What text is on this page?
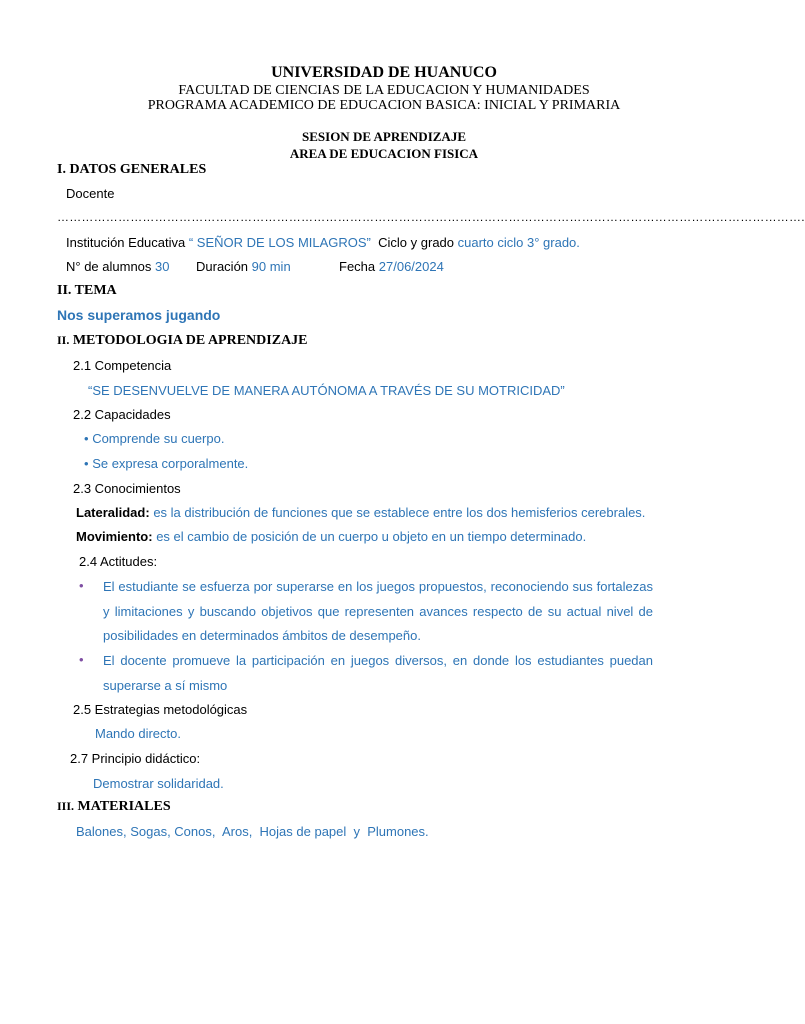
UNIVERSIDAD DE HUANUCO
FACULTAD DE CIENCIAS DE LA EDUCACION Y HUMANIDADES
PROGRAMA ACADEMICO DE EDUCACION BASICA: INICIAL Y PRIMARIA
SESION DE APRENDIZAJE
AREA DE EDUCACION FISICA
I. DATOS GENERALES
Docente
………………………………………………………………………………………………………………………………………………………………….
Institución Educativa “ SEÑOR DE LOS MILAGROS” Ciclo y grado cuarto ciclo 3° grado.
N° de alumnos 30 Duración 90 min	Fecha 27/06/2024
II. TEMA
Nos superamos jugando
II. METODOLOGIA DE APRENDIZAJE
2.1 Competencia
“SE DESENVUELVE DE MANERA AUTÓNOMA A TRAVÉS DE SU MOTRICIDAD”
2.2 Capacidades
• Comprende su cuerpo.
• Se expresa corporalmente.
2.3 Conocimientos
Lateralidad: es la distribución de funciones que se establece entre los dos hemisferios cerebrales.
Movimiento: es el cambio de posición de un cuerpo u objeto en un tiempo determinado.
2.4 Actitudes:
• El estudiante se esfuerza por superarse en los juegos propuestos, reconociendo sus fortalezas y limitaciones y buscando objetivos que representen avances respecto de su actual nivel de posibilidades en determinados ámbitos de desempeño.
• El docente promueve la participación en juegos diversos, en donde los estudiantes puedan superarse a sí mismo
2.5 Estrategias metodológicas
Mando directo.
2.7 Principio didáctico:
Demostrar solidaridad.
III. MATERIALES
Balones, Sogas, Conos,  Aros,  Hojas de papel  y  Plumones.
